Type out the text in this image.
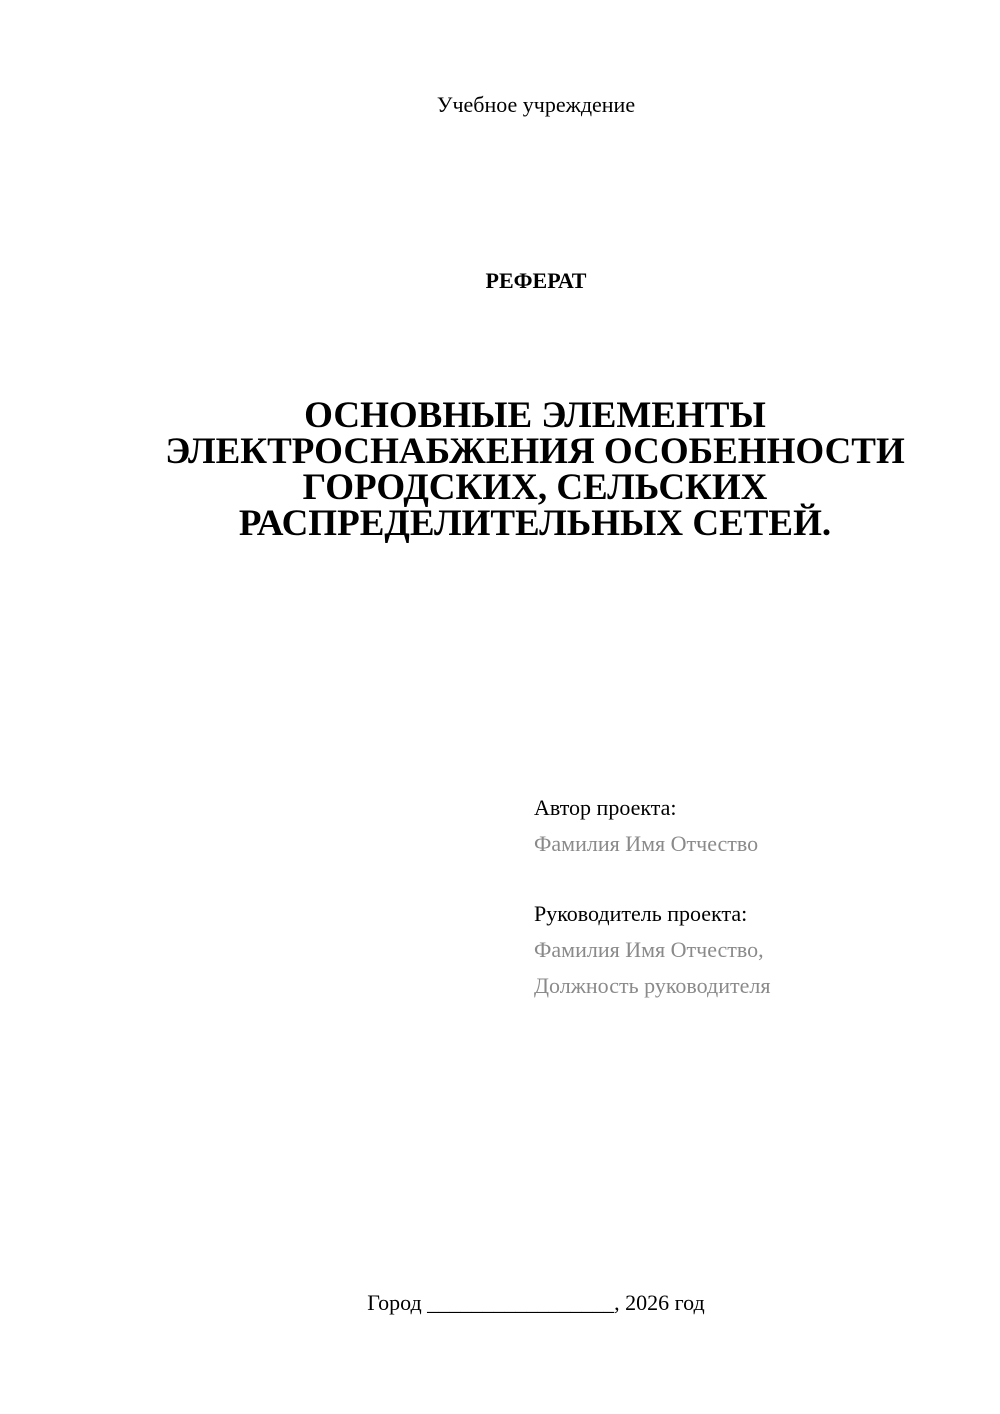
Учебное учреждение
РЕФЕРАТ
ОСНОВНЫЕ ЭЛЕМЕНТЫ
ЭЛЕКТРОСНАБЖЕНИЯ ОСОБЕННОСТИ
ГОРОДСКИХ, СЕЛЬСКИХ
РАСПРЕДЕЛИТЕЛЬНЫХ СЕТЕЙ.
Автор проекта:
Фамилия Имя Отчество
Руководитель проекта:
Фамилия Имя Отчество,
Должность руководителя
Город _________________, 2026 год
